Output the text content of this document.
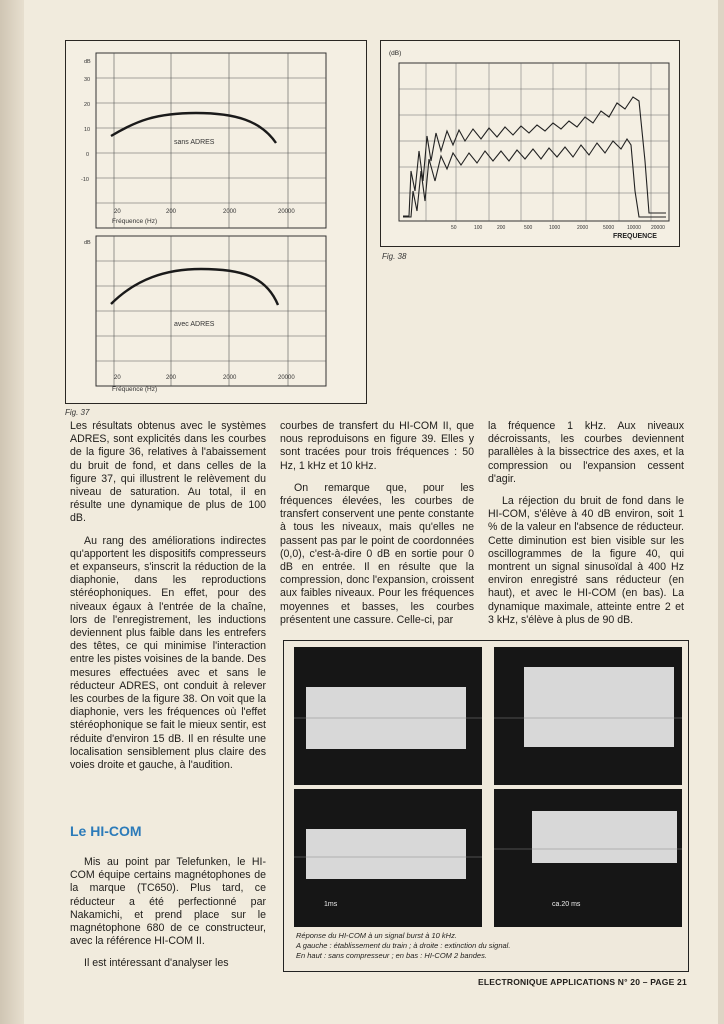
sans ADRES
20	200	2000	20000
Fréquence (Hz)
dB
30
20
10
0
-10
avec ADRES
20	200	2000	20000
Fréquence (Hz)
dB
Fig. 37
(dB)
50	100	200	500	1000	2000	5000	10000 20000
FREQUENCE
Fig. 38

Les résultats obtenus avec le systèmes ADRES, sont explicités dans les courbes de la figure 36, relatives à l'abaissement du bruit de fond, et dans celles de la figure 37, qui illustrent le relèvement du niveau de saturation. Au total, il en résulte une dynamique de plus de 100 dB.

Au rang des améliorations indirectes qu'apportent les dispositifs compresseurs et expanseurs, s'inscrit la réduction de la diaphonie, dans les reproductions stéréophoniques. En effet, pour des niveaux égaux à l'entrée de la chaîne, lors de l'enregistrement, les inductions deviennent plus faible dans les entrefers des têtes, ce qui minimise l'interaction entre les pistes voisines de la bande. Des mesures effectuées avec et sans le réducteur ADRES, ont conduit à relever les courbes de la figure 38. On voit que la diaphonie, vers les fréquences où l'effet stéréophonique se fait le mieux sentir, est réduite d'environ 15 dB. Il en résulte une localisation sensiblement plus claire des voies droite et gauche, à l'audition.

Le HI-COM

Mis au point par Telefunken, le HI-COM équipe certains magnétophones de la marque (TC650). Plus tard, ce réducteur a été perfectionné par Nakamichi, et prend place sur le magnétophone 680 de ce constructeur, avec la référence HI-COM II.

Il est intéressant d'analyser les

courbes de transfert du HI-COM II, que nous reproduisons en figure 39. Elles y sont tracées pour trois fréquences : 50 Hz, 1 kHz et 10 kHz.

On remarque que, pour les fréquences élevées, les courbes de transfert conservent une pente constante à tous les niveaux, mais qu'elles ne passent pas par le point de coordonnées (0,0), c'est-à-dire 0 dB en sortie pour 0 dB en entrée. Il en résulte que la compression, donc l'expansion, croissent aux faibles niveaux. Pour les fréquences moyennes et basses, les courbes présentent une cassure. Celle-ci, par

la fréquence 1 kHz. Aux niveaux décroissants, les courbes deviennent parallèles à la bissectrice des axes, et la compression ou l'expansion cessent d'agir.

La réjection du bruit de fond dans le HI-COM, s'élève à 40 dB environ, soit 1 % de la valeur en l'absence de réducteur. Cette diminution est bien visible sur les oscillogrammes de la figure 40, qui montrent un signal sinusoïdal à 400 Hz environ enregistré sans réducteur (en haut), et avec le HI-COM (en bas). La dynamique maximale, atteinte entre 2 et 3 kHz, s'élève à plus de 90 dB.

1ms	ca.20 ms
Réponse du HI-COM à un signal burst à 10 kHz.
A gauche : établissement du train ; à droite : extinction du signal.
En haut : sans compresseur ; en bas : HI-COM 2 bandes.
ELECTRONIQUE APPLICATIONS N° 20 – PAGE 21
